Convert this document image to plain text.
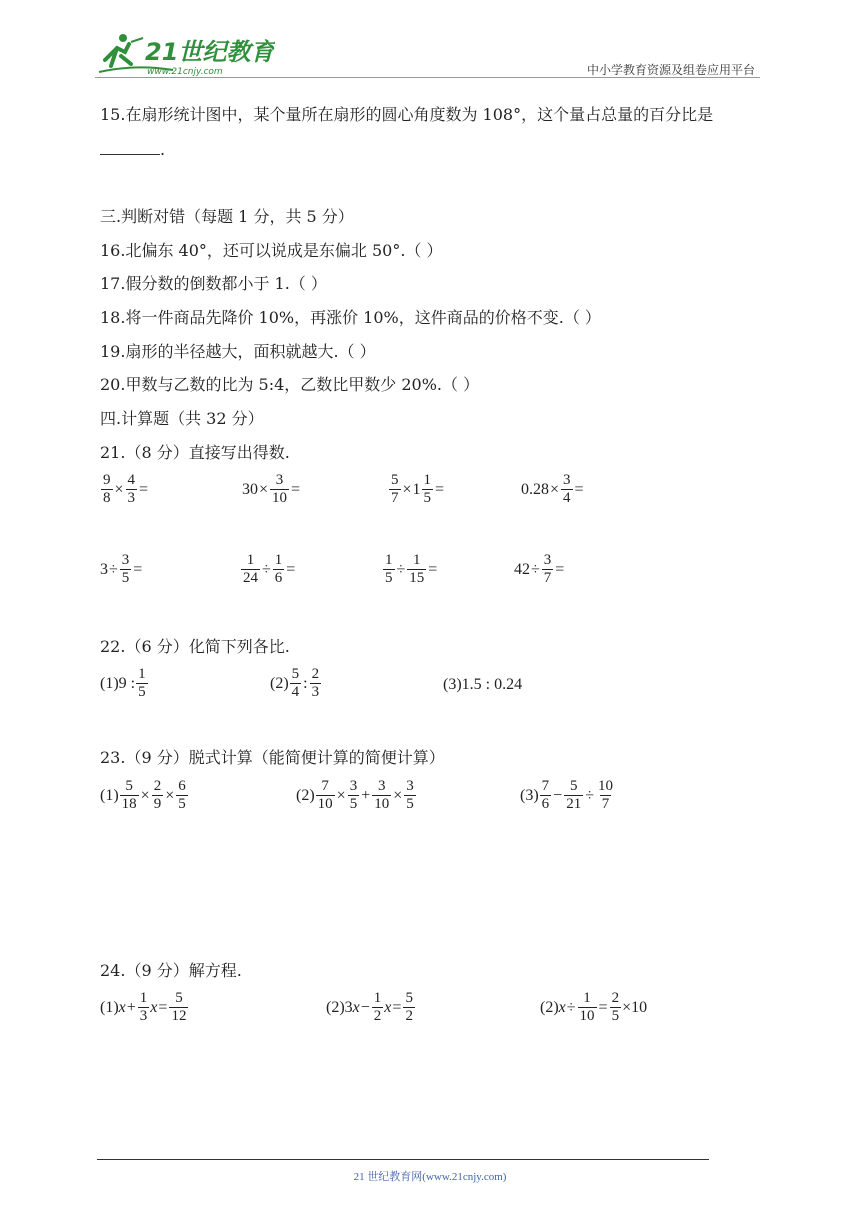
21世纪教育
www.21cnjy.com	中小学教育资源及组卷应用平台
15.在扇形统计图中，某个量所在扇形的圆心角度数为 108°，这个量占总量的百分比是
.
三.判断对错（每题 1 分，共 5 分）
16.北偏东 40°，还可以说成是东偏北 50°.（ ）
17.假分数的倒数都小于 1.（ ）
18.将一件商品先降价 10%，再涨价 10%，这件商品的价格不变.（ ）
19.扇形的半径越大，面积就越大.（ ）
20.甲数与乙数的比为 5:4，乙数比甲数少 20%.（ ）
四.计算题（共 32 分）
21.（8 分）直接写出得数.
$\frac{9}{8} \times \frac{4}{3}$ =	$30 \times \frac{3}{10}$ =	$\frac{5}{7} \times 1 \frac{1}{5}$ =	$0.28 \times \frac{3}{4}$ =
$3 \div \frac{3}{5}$ =	$\frac{1}{24} \div \frac{1}{6}$ =	$\frac{1}{5} \div \frac{1}{15}$ =	$42 \div \frac{3}{7}$ =
22.（6 分）化简下列各比.
(1)9 : $\frac{1}{5}$	$(2) \frac{5}{4}$ : $\frac{2}{3}$	(3)1.5 : 0.24
23.（9 分）脱式计算（能简便计算的简便计算）
$(1) \frac{5}{18} \times \frac{2}{9} \times \frac{6}{5}$	$(2) \frac{7}{10} \times \frac{3}{5} + \frac{3}{10} \times \frac{3}{5}$	$(3) \frac{7}{6} - \frac{5}{21} \div \frac{10}{7}$
24.（9 分）解方程.
(1) $x + \frac{1}{3}$ $x = \frac{5}{12}$	(2)3 $x - \frac{1}{2}$ $x = \frac{5}{2}$	(2) $x \div \frac{1}{10} = \frac{2}{5} \times 10$
21 世纪教育网(www.21cnjy.com)
